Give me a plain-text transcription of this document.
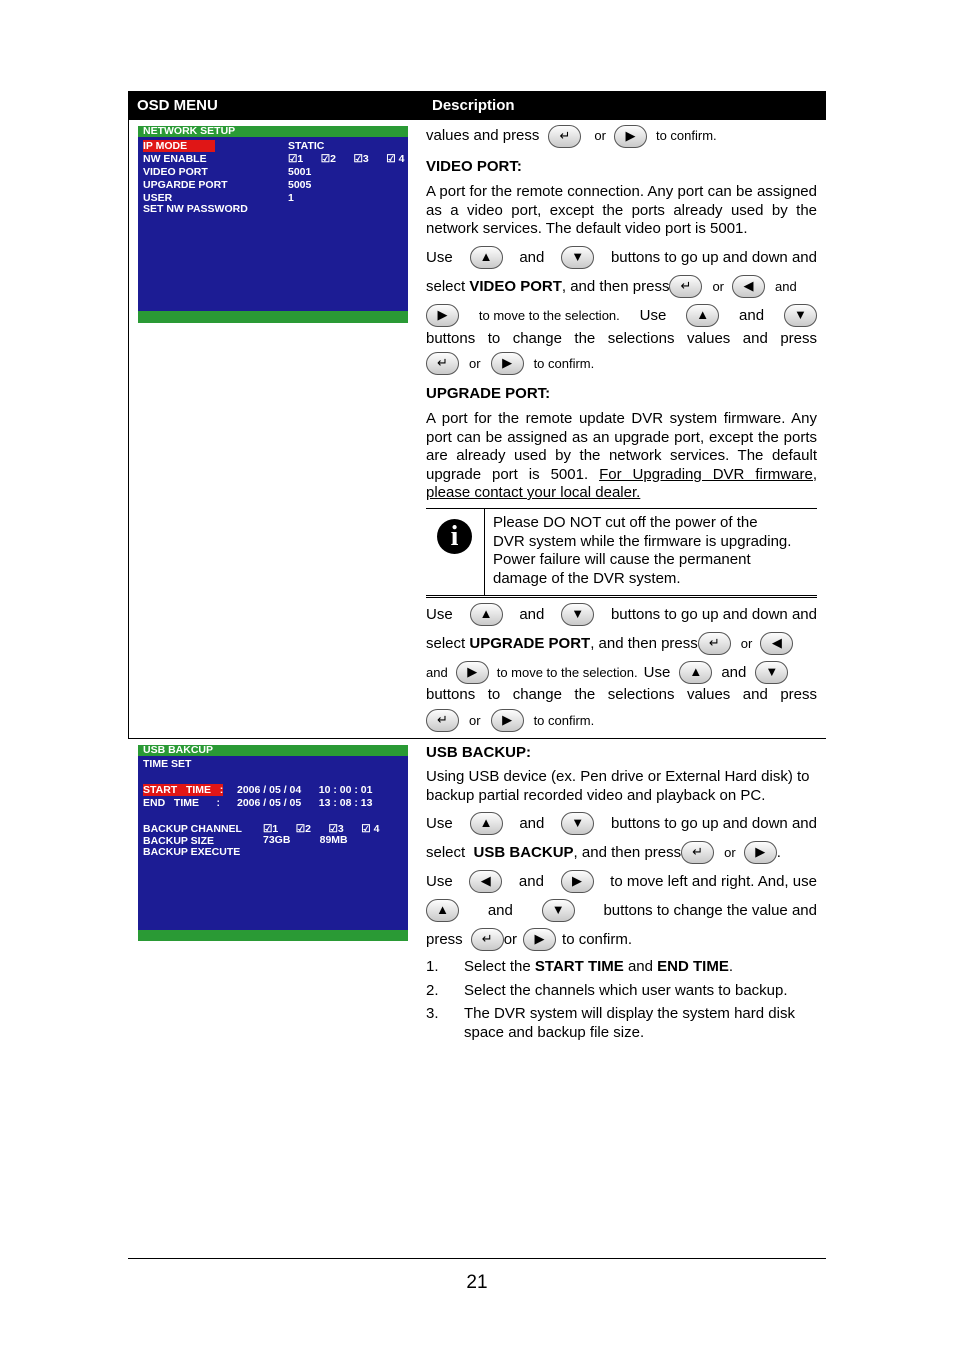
OSD MENU	Description
NETWORK SETUP
IP MODE	STATIC
NW ENABLE	☑1      ☑2      ☑3      ☑ 4
VIDEO PORT	5001
UPGARDE PORT	5005
USER	1
SET NW PASSWORD
USB BAKCUP
TIME SET
START   TIME   : 2006 / 05 / 04      10 : 00 : 01
END   TIME      : 2006 / 05 / 05      13 : 08 : 13
BACKUP CHANNEL ☑1      ☑2      ☑3      ☑ 4
BACKUP SIZE	73GB          89MB
BACKUP EXECUTE
values and press	↵	or	▶	to confirm.
VIDEO PORT:
A port for the remote connection. Any port can be assigned as a video port, except the ports already used by the network services. The default video port is 5001.
Use	▲	and	▼	buttons to go up and down and
select
VIDEO PORT , and then press ↵	or	◀	and
▶	to move to the selection. Use	▲	and	▼
buttons to change the selections values and press
↵	or	▶	to confirm.
UPGRADE PORT:
A port for the remote update DVR system firmware. Any port can be assigned as an upgrade port, except the ports are already used by the network services. The default upgrade port is 5001. For Upgrading DVR firmware, please contact your local dealer.
i	Please DO NOT cut off the power of the DVR system while the firmware is upgrading. Power failure will cause the permanent damage of the DVR system.
Use	▲	and	▼	buttons to go up and down and
select
UPGRADE PORT , and then press ↵	or	◀
and	▶	to move to the selection. Use	▲	and	▼
buttons to change the selections values and press
↵	or	▶	to confirm.
USB BACKUP:
Using USB device (ex. Pen drive or External Hard disk) to backup partial recorded video and playback on PC.
Use	▲	and	▼	buttons to go up and down and
select
USB BACKUP , and then press ↵	or	▶ .
Use	◀	and	▶	to move left and right. And, use
▲	and	▼	buttons to change the value and
press	↵ or	▶	to confirm.
1. Select the START TIME and END TIME.
2. Select the channels which user wants to backup.
3. The DVR system will display the system hard disk space and backup file size.
21
